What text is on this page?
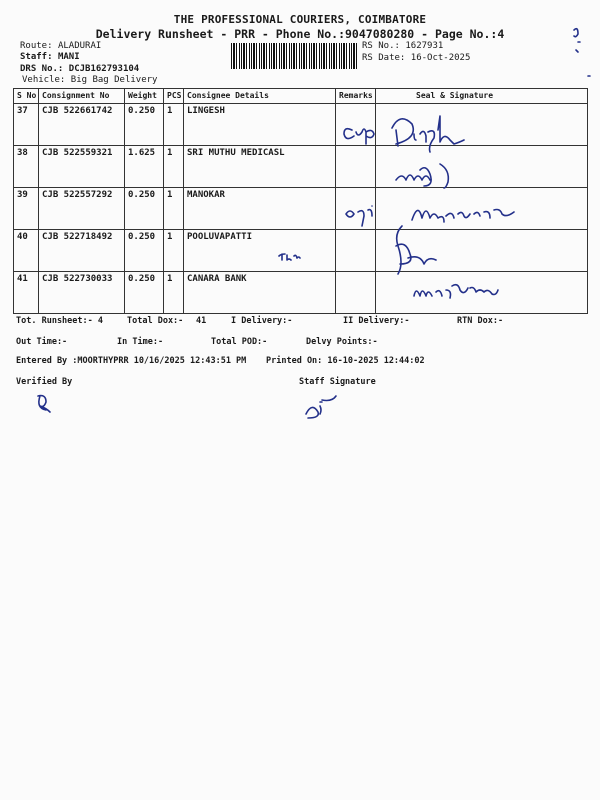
THE PROFESSIONAL COURIERS, COIMBATORE
Delivery Runsheet - PRR - Phone No.:9047080280 - Page No.:4
Route: ALADURAI
Staff: MANI
DRS No.: DCJB162793104
Vehicle: Big Bag Delivery
RS No.: 1627931
RS Date: 16-Oct-2025
S No	Consignment No	Weight	PCS	Consignee Details	Remarks	Seal & Signature
37	CJB 522661742	0.250	1	LINGESH		
38	CJB 522559321	1.625	1	SRI MUTHU MEDICASL		
39	CJB 522557292	0.250	1	MANOKAR		
40	CJB 522718492	0.250	1	POOLUVAPATTI		
41	CJB 522730033	0.250	1	CANARA BANK		
Tot. Runsheet:- 4	Total Dox:- 41	I Delivery:-	II Delivery:-	RTN Dox:-
Out Time:-	In Time:-	Total POD:-	Delvy Points:-
Entered By :MOORTHYPRR 10/16/2025 12:43:51 PM Printed On: 16-10-2025 12:44:02
Verified By	Staff Signature
